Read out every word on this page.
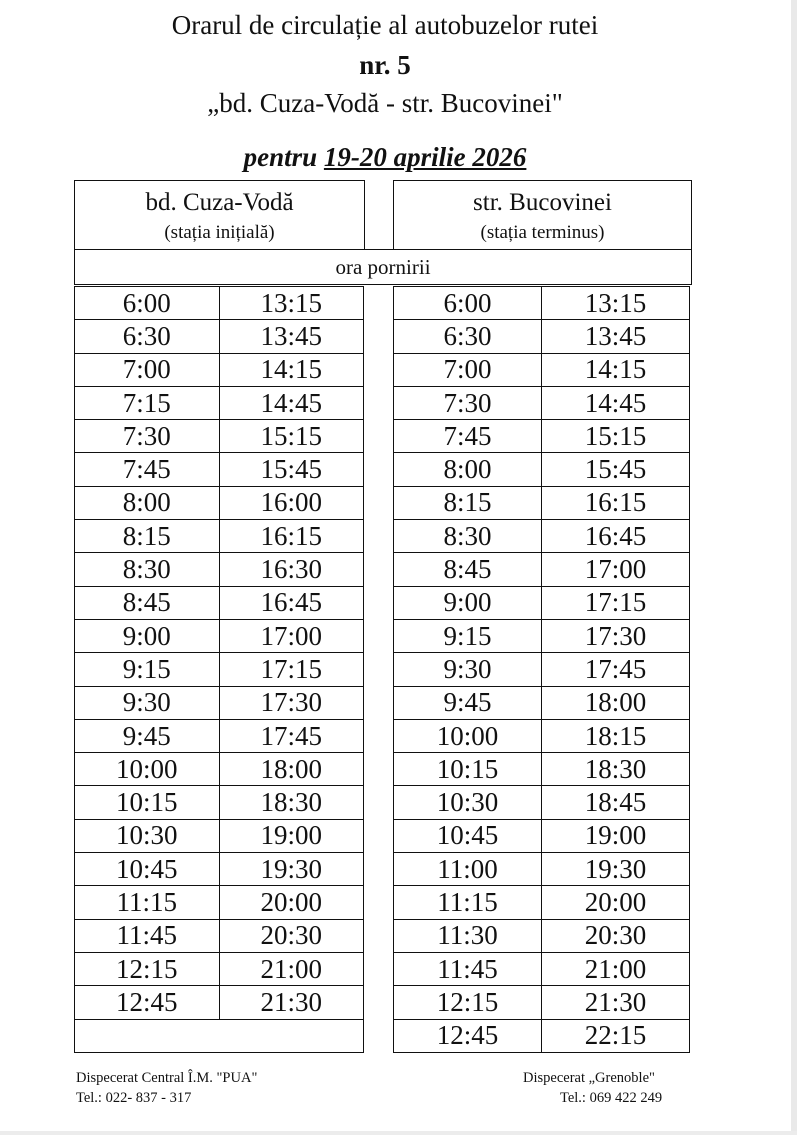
Orarul de circulație al autobuzelor rutei
nr. 5
„bd. Cuza-Vodă - str. Bucovinei"
pentru 19-20 aprilie 2026
bd. Cuza-Vodă
(stația inițială)

str. Bucovinei
(stația terminus)

ora pornirii
6:00	13:15
6:30	13:45
7:00	14:15
7:15	14:45
7:30	15:15
7:45	15:45
8:00	16:00
8:15	16:15
8:30	16:30
8:45	16:45
9:00	17:00
9:15	17:15
9:30	17:30
9:45	17:45
10:00	18:00
10:15	18:30
10:30	19:00
10:45	19:30
11:15	20:00
11:45	20:30
12:15	21:00
12:45	21:30

6:00	13:15
6:30	13:45
7:00	14:15
7:30	14:45
7:45	15:15
8:00	15:45
8:15	16:15
8:30	16:45
8:45	17:00
9:00	17:15
9:15	17:30
9:30	17:45
9:45	18:00
10:00	18:15
10:15	18:30
10:30	18:45
10:45	19:00
11:00	19:30
11:15	20:00
11:30	20:30
11:45	21:00
12:15	21:30
12:45	22:15
Dispecerat Central Î.M. "PUA"
Tel.: 022- 837 - 317
Dispecerat „Grenoble"
Tel.: 069 422 249
